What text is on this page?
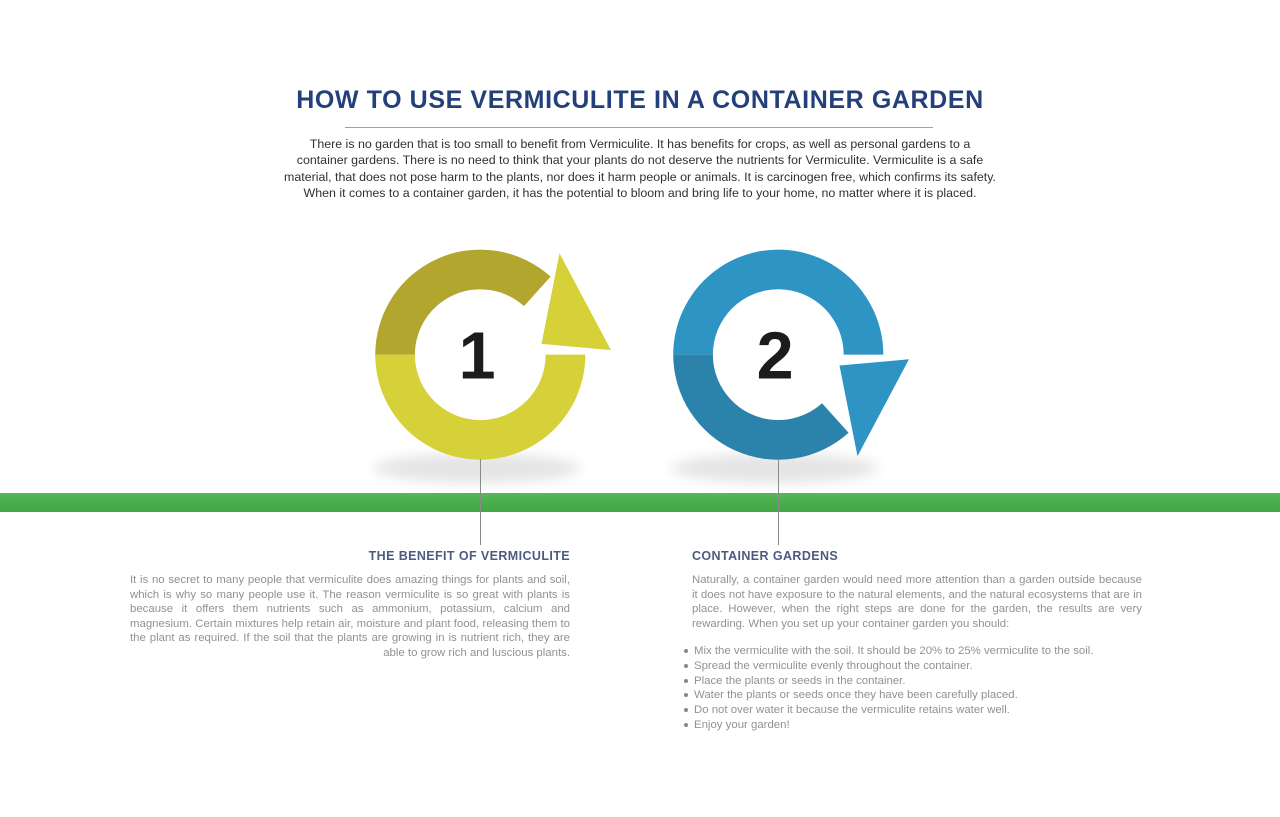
HOW TO USE VERMICULITE IN A CONTAINER GARDEN

There is no garden that is too small to benefit from Vermiculite. It has benefits for crops, as well as personal gardens to a container gardens. There is no need to think that your plants do not deserve the nutrients for Vermiculite. Vermiculite is a safe material, that does not pose harm to the plants, nor does it harm people or animals. It is carcinogen free, which confirms its safety. When it comes to a container garden, it has the potential to bloom and bring life to your home, no matter where it is placed.

1	2
THE BENEFIT OF VERMICULITE

It is no secret to many people that vermiculite does amazing things for plants and soil, which is why so many people use it. The reason vermiculite is so great with plants is because it offers them nutrients such as ammonium, potassium, calcium and magnesium. Certain mixtures help retain air, moisture and plant food, releasing them to the plant as required. If the soil that the plants are growing in is nutrient rich, they are able to grow rich and luscious plants.

CONTAINER GARDENS

Naturally, a container garden would need more attention than a garden outside because it does not have exposure to the natural elements, and the natural ecosystems that are in place. However, when the right steps are done for the garden, the results are very rewarding. When you set up your container garden you should:

Mix the vermiculite with the soil. It should be 20% to 25% vermiculite to the soil.
Spread the vermiculite evenly throughout the container.
Place the plants or seeds in the container.
Water the plants or seeds once they have been carefully placed.
Do not over water it because the vermiculite retains water well.
Enjoy your garden!
